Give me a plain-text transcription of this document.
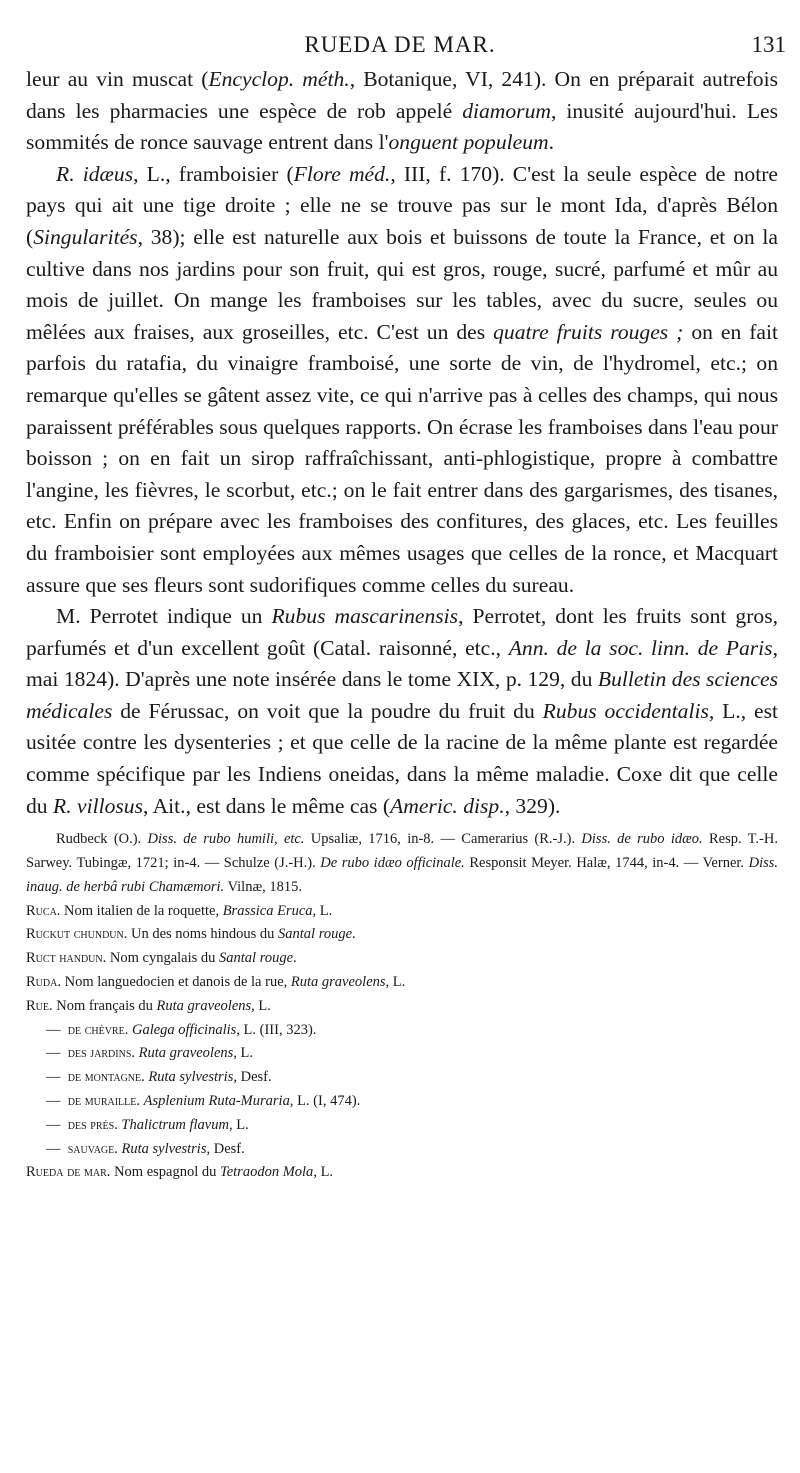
RUEDA DE MAR.	131

leur au vin muscat (Encyclop. méth., Botanique, VI, 241). On en préparait autrefois dans les pharmacies une espèce de rob appelé diamorum, inusité aujourd'hui. Les sommités de ronce sauvage entrent dans l'onguent populeum.

R. idæus, L., framboisier (Flore méd., III, f. 170). C'est la seule espèce de notre pays qui ait une tige droite ; elle ne se trouve pas sur le mont Ida, d'après Bélon (Singularités, 38); elle est naturelle aux bois et buissons de toute la France, et on la cultive dans nos jardins pour son fruit, qui est gros, rouge, sucré, parfumé et mûr au mois de juillet. On mange les framboises sur les tables, avec du sucre, seules ou mêlées aux fraises, aux groseilles, etc. C'est un des quatre fruits rouges ; on en fait parfois du ratafia, du vinaigre framboisé, une sorte de vin, de l'hydromel, etc.; on remarque qu'elles se gâtent assez vite, ce qui n'arrive pas à celles des champs, qui nous paraissent préférables sous quelques rapports. On écrase les framboises dans l'eau pour boisson ; on en fait un sirop raffraîchissant, anti-phlogistique, propre à combattre l'angine, les fièvres, le scorbut, etc.; on le fait entrer dans des gargarismes, des tisanes, etc. Enfin on prépare avec les framboises des confitures, des glaces, etc. Les feuilles du framboisier sont employées aux mêmes usages que celles de la ronce, et Macquart assure que ses fleurs sont sudorifiques comme celles du sureau.

M. Perrotet indique un Rubus mascarinensis, Perrotet, dont les fruits sont gros, parfumés et d'un excellent goût (Catal. raisonné, etc., Ann. de la soc. linn. de Paris, mai 1824). D'après une note insérée dans le tome XIX, p. 129, du Bulletin des sciences médicales de Férussac, on voit que la poudre du fruit du Rubus occidentalis, L., est usitée contre les dysenteries ; et que celle de la racine de la même plante est regardée comme spécifique par les Indiens oneidas, dans la même maladie. Coxe dit que celle du R. villosus, Ait., est dans le même cas (Americ. disp., 329).

Rudbeck (O.). Diss. de rubo humili, etc. Upsaliæ, 1716, in-8. — Camerarius (R.-J.). Diss. de rubo idæo. Resp. T.-H. Sarwey. Tubingæ, 1721; in-4. — Schulze (J.-H.). De rubo idæo officinale. Responsit Meyer. Halæ, 1744, in-4. — Verner. Diss. inaug. de herbâ rubi Chamæmori. Vilnæ, 1815.

Ruca. Nom italien de la roquette, Brassica Eruca, L.

Ruckut chundun. Un des noms hindous du Santal rouge.

Ruct handun. Nom cyngalais du Santal rouge.

Ruda. Nom languedocien et danois de la rue, Ruta graveolens, L.

Rue. Nom français du Ruta graveolens, L.

— de chèvre. Galega officinalis, L. (III, 323).

— des jardins. Ruta graveolens, L.

— de montagne. Ruta sylvestris, Desf.

— de muraille. Asplenium Ruta-Muraria, L. (I, 474).

— des prés. Thalictrum flavum, L.

— sauvage. Ruta sylvestris, Desf.

Rueda de mar. Nom espagnol du Tetraodon Mola, L.
